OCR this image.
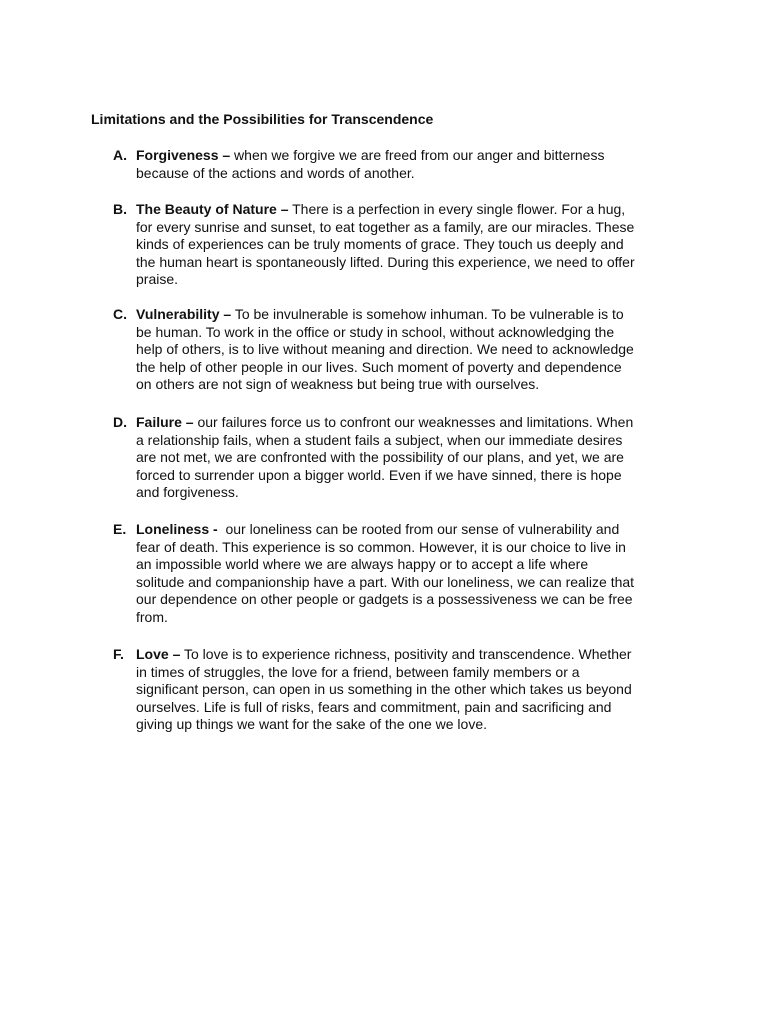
Limitations and the Possibilities for Transcendence
A. Forgiveness – when we forgive we are freed from our anger and bitterness
because of the actions and words of another.
B. The Beauty of Nature – There is a perfection in every single flower. For a hug,
for every sunrise and sunset, to eat together as a family, are our miracles. These
kinds of experiences can be truly moments of grace. They touch us deeply and
the human heart is spontaneously lifted. During this experience, we need to offer
praise.
C. Vulnerability – To be invulnerable is somehow inhuman. To be vulnerable is to
be human. To work in the office or study in school, without acknowledging the
help of others, is to live without meaning and direction. We need to acknowledge
the help of other people in our lives. Such moment of poverty and dependence
on others are not sign of weakness but being true with ourselves.
D. Failure – our failures force us to confront our weaknesses and limitations. When
a relationship fails, when a student fails a subject, when our immediate desires
are not met, we are confronted with the possibility of our plans, and yet, we are
forced to surrender upon a bigger world. Even if we have sinned, there is hope
and forgiveness.
E. Loneliness - our loneliness can be rooted from our sense of vulnerability and
fear of death. This experience is so common. However, it is our choice to live in
an impossible world where we are always happy or to accept a life where
solitude and companionship have a part. With our loneliness, we can realize that
our dependence on other people or gadgets is a possessiveness we can be free
from.
F. Love – To love is to experience richness, positivity and transcendence. Whether
in times of struggles, the love for a friend, between family members or a
significant person, can open in us something in the other which takes us beyond
ourselves. Life is full of risks, fears and commitment, pain and sacrificing and
giving up things we want for the sake of the one we love.
